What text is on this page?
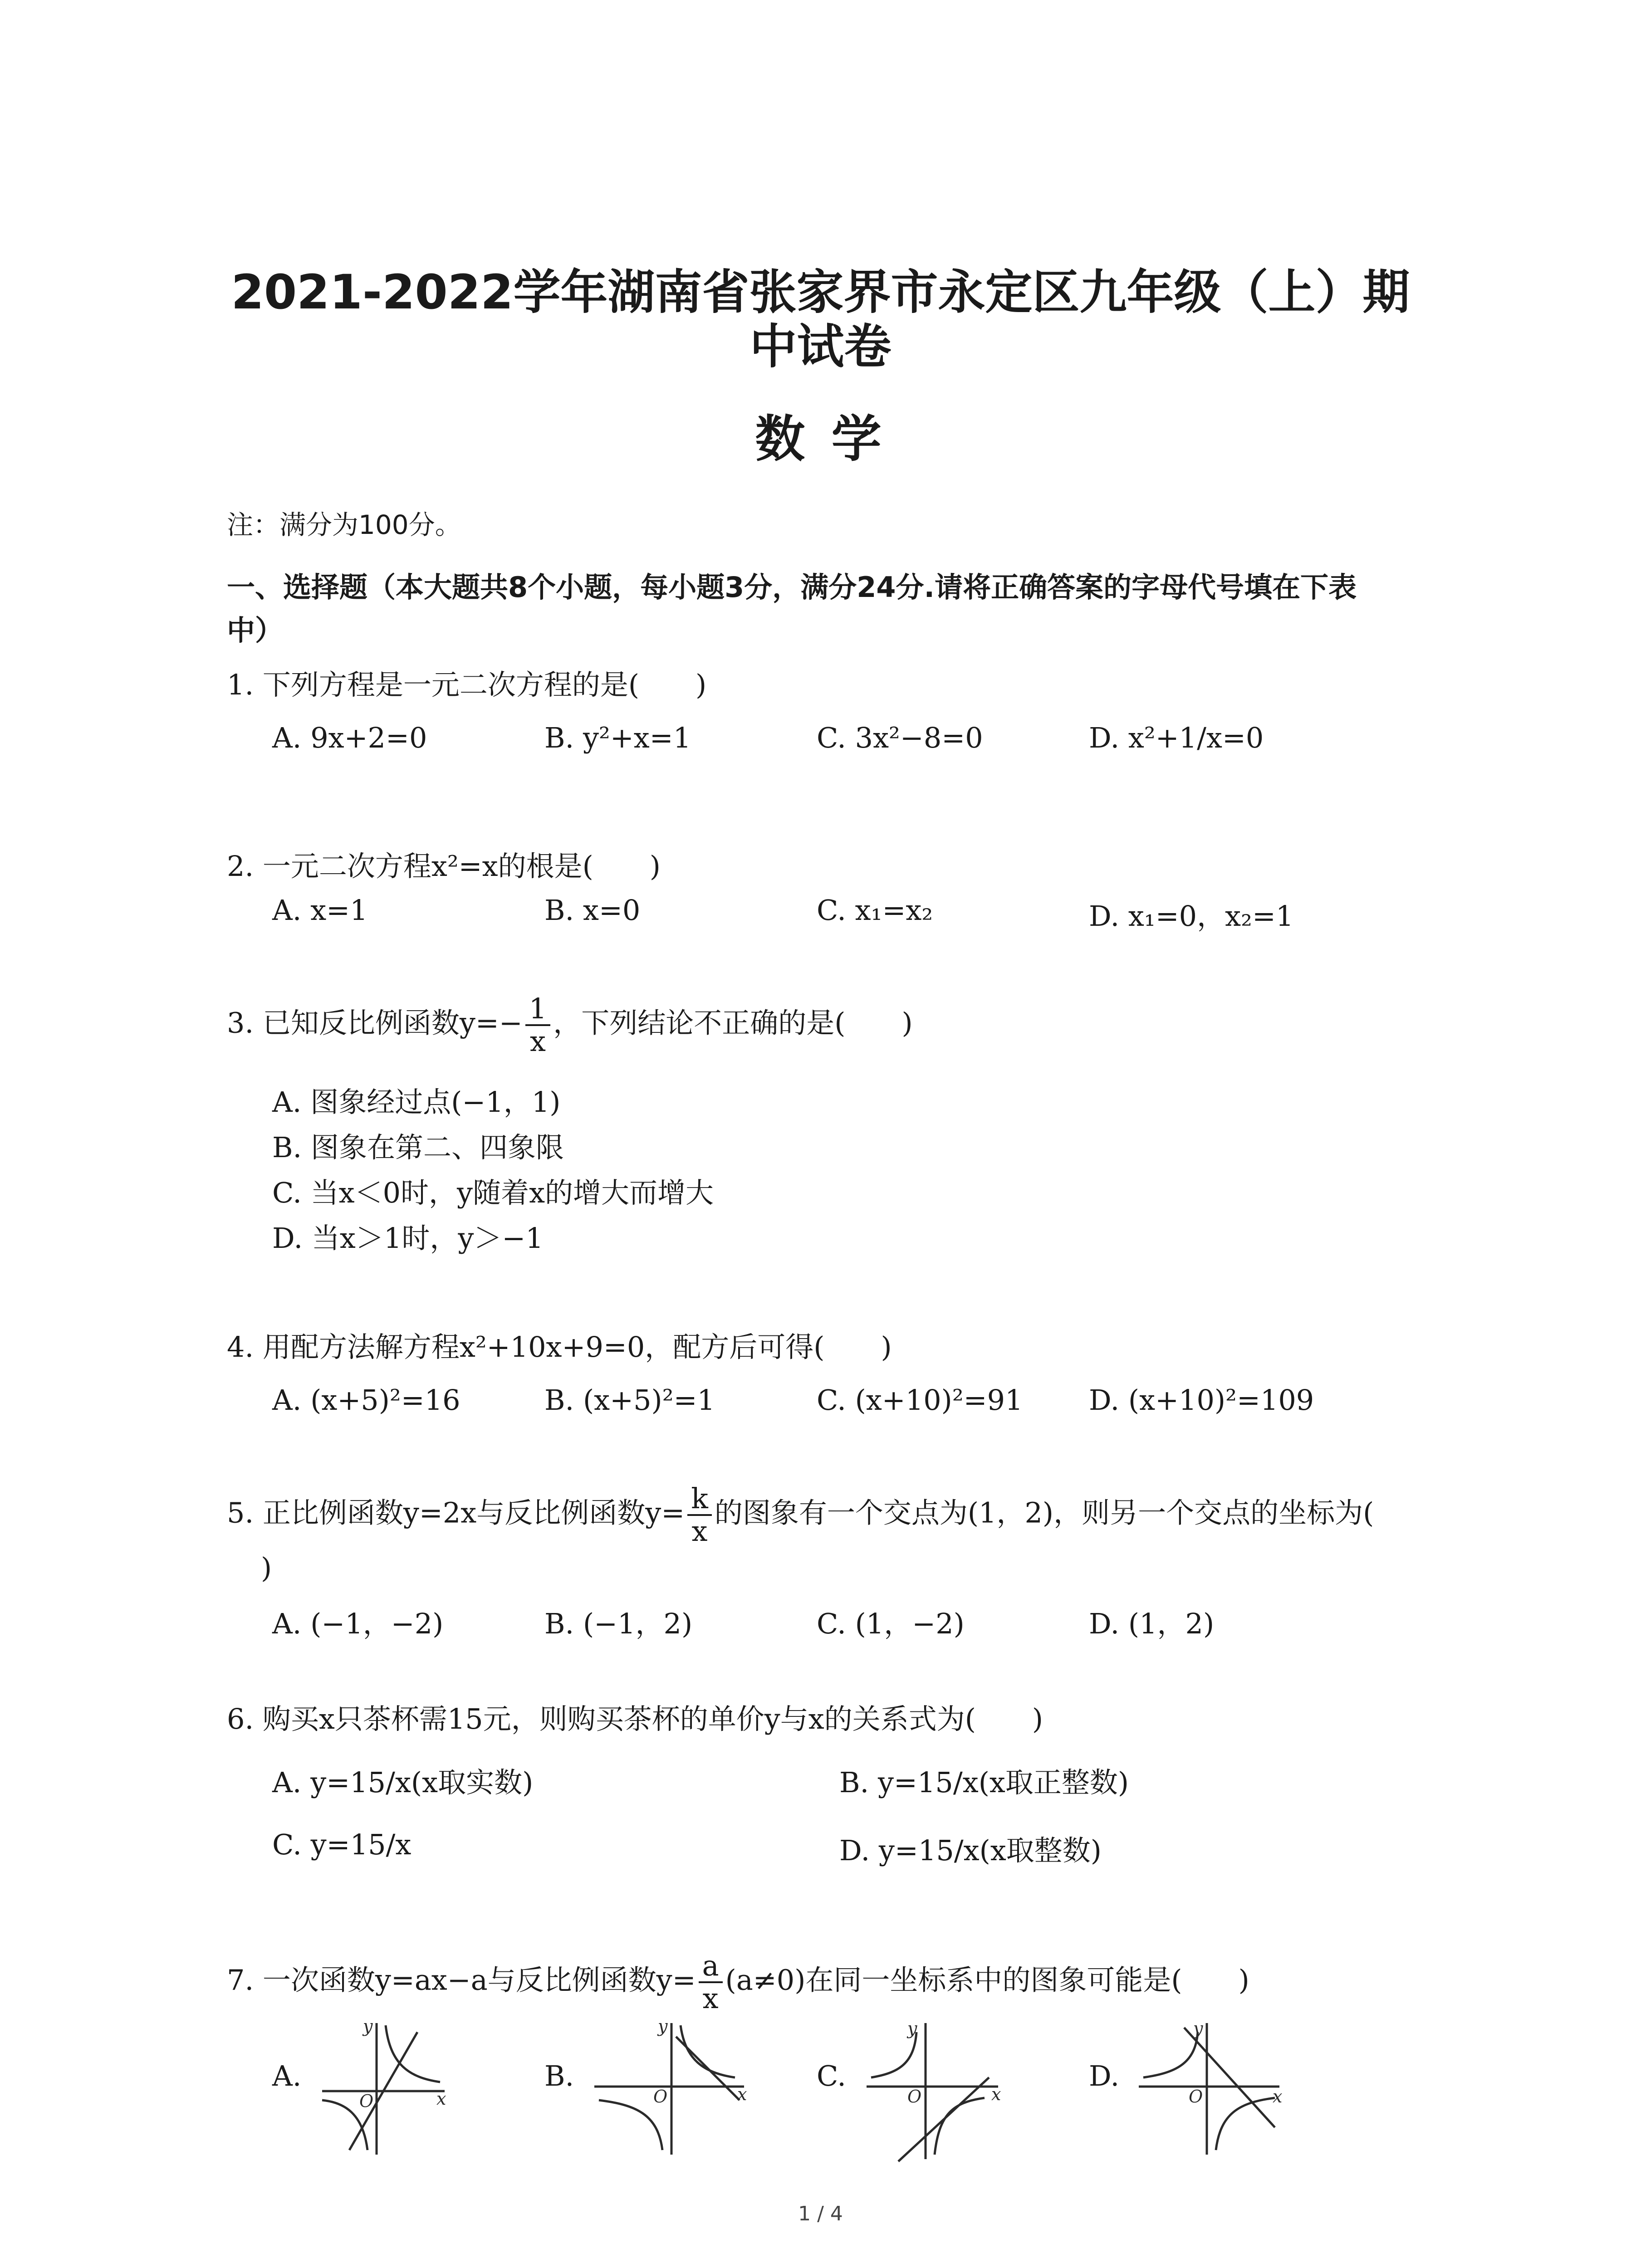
2021-2022学年湖南省张家界市永定区九年级（上）期
中试卷
数 学
注：满分为100分。
一、选择题（本大题共8个小题，每小题3分，满分24分.请将正确答案的字母代号填在下表
中）
1. 下列方程是一元二次方程的是(　　)
A. 9x+2=0	B. y²+x=1	C. 3x²−8=0	D. x²+1/x=0
2. 一元二次方程x²=x的根是(　　)
A. x=1	B. x=0	C. x₁=x₂	D. x₁=0，x₂=1
3. 已知反比例函数$y=- \frac{1}{x}$ ，下列结论不正确的是(　　)
A. 图象经过点(−1，1)
B. 图象在第二、四象限
C. 当x＜0时，y随着x的增大而增大
D. 当x＞1时，y＞−1
4. 用配方法解方程x²+10x+9=0，配方后可得(　　)
A. (x+5)²=16	B. (x+5)²=1	C. (x+10)²=91 D. (x+10)²=109
5. 正比例函数y=2x与反比例函数$y= \frac{k}{x}$ 的图象有一个交点为(1，2)，则另一个交点的坐标为(
)
A. (−1，−2)	B. (−1，2)	C. (1，−2)	D. (1，2)
6. 购买x只茶杯需15元，则购买茶杯的单价y与x的关系式为(　　)
A. y=15/x(x取实数)	B. y=15/x(x取正整数)
C. y=15/x	D. y=15/x(x取整数)
7. 一次函数y=ax−a与反比例函数$y= \frac{a}{x} (a\ne 0)$在同一坐标系中的图象可能是(　　)
A.	B.	C.	D.
y
x
O
y
x
O
y
x
O
y
x
O
1 / 4
